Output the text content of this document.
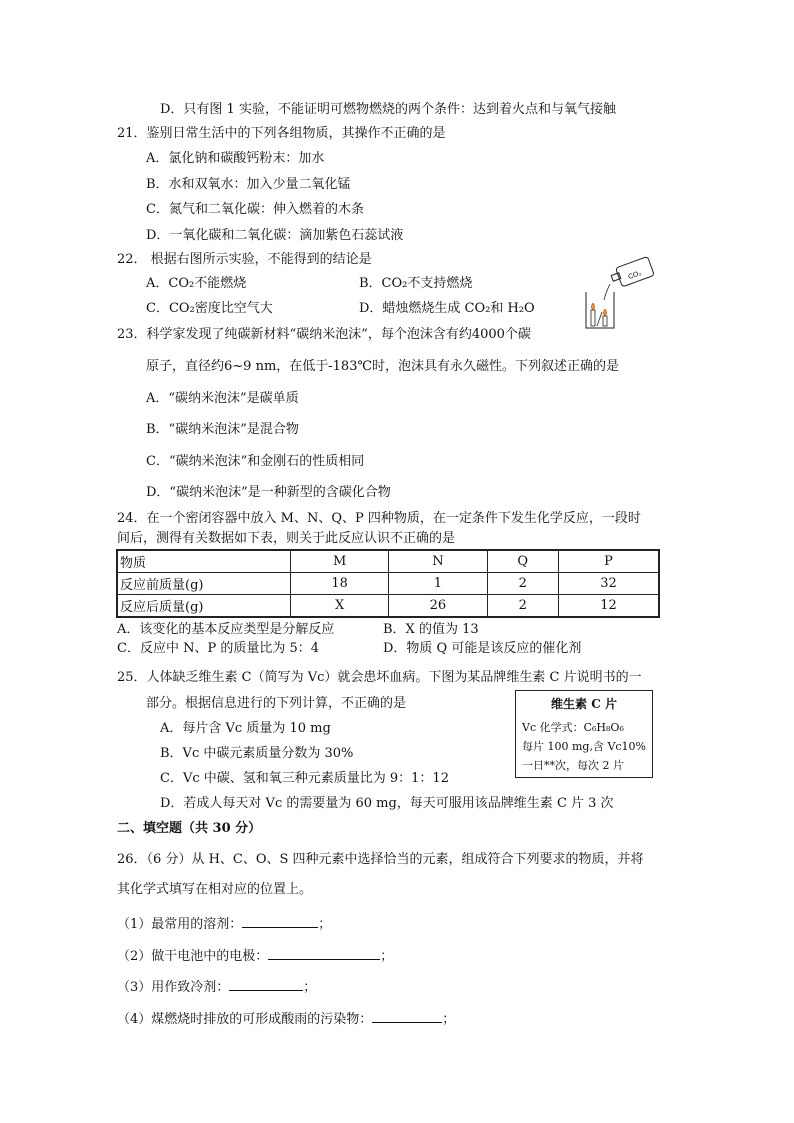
D．只有图 1 实验，不能证明可燃物燃烧的两个条件：达到着火点和与氧气接触
21．鉴别日常生活中的下列各组物质，其操作不正确的是
A．氯化钠和碳酸钙粉末：加水
B．水和双氧水：加入少量二氧化锰
C．氮气和二氧化碳：伸入燃着的木条
D．一氧化碳和二氧化碳：滴加紫色石蕊试液
22． 根据右图所示实验，不能得到的结论是
A．CO₂不能燃烧	B．CO₂不支持燃烧
C．CO₂密度比空气大	D．蜡烛燃烧生成 CO₂和 H₂O
CO₂
23．科学家发现了纯碳新材料“碳纳米泡沫”，每个泡沫含有约4000个碳
原子，直径约6~9 nm，在低于-183℃时，泡沫具有永久磁性。下列叙述正确的是
A．“碳纳米泡沫”是碳单质
B．“碳纳米泡沫”是混合物
C．“碳纳米泡沫”和金刚石的性质相同
D．“碳纳米泡沫”是一种新型的含碳化合物
24．在一个密闭容器中放入 M、N、Q、P 四种物质，在一定条件下发生化学反应，一段时
间后，测得有关数据如下表，则关于此反应认识不正确的是
物质	M	N	Q	P
反应前质量(g)	18	1	2	32
反应后质量(g)	X	26	2	12
A．该变化的基本反应类型是分解反应	B．X 的值为 13
C．反应中 N、P 的质量比为 5：4	D．物质 Q 可能是该反应的催化剂
25．人体缺乏维生素 C（简写为 Vc）就会患坏血病。下图为某品牌维生素 C 片说明书的一
部分。根据信息进行的下列计算，不正确的是	维生素 C 片
Vc 化学式：C₆H₈O₆
每片 100 mg,含 Vc10%
一日**次，每次 2 片
A．每片含 Vc 质量为 10 mg
B．Vc 中碳元素质量分数为 30%
C．Vc 中碳、氢和氧三种元素质量比为 9：1：12
D．若成人每天对 Vc 的需要量为 60 mg，每天可服用该品牌维生素 C 片 3 次
二、填空题（共 30 分）
26．（6 分）从 H、C、O、S 四种元素中选择恰当的元素，组成符合下列要求的物质，并将
其化学式填写在相对应的位置上。
（1）最常用的溶剂：	；
（2）做干电池中的电极：	；
（3）用作致冷剂：	；
（4）煤燃烧时排放的可形成酸雨的污染物：	；
